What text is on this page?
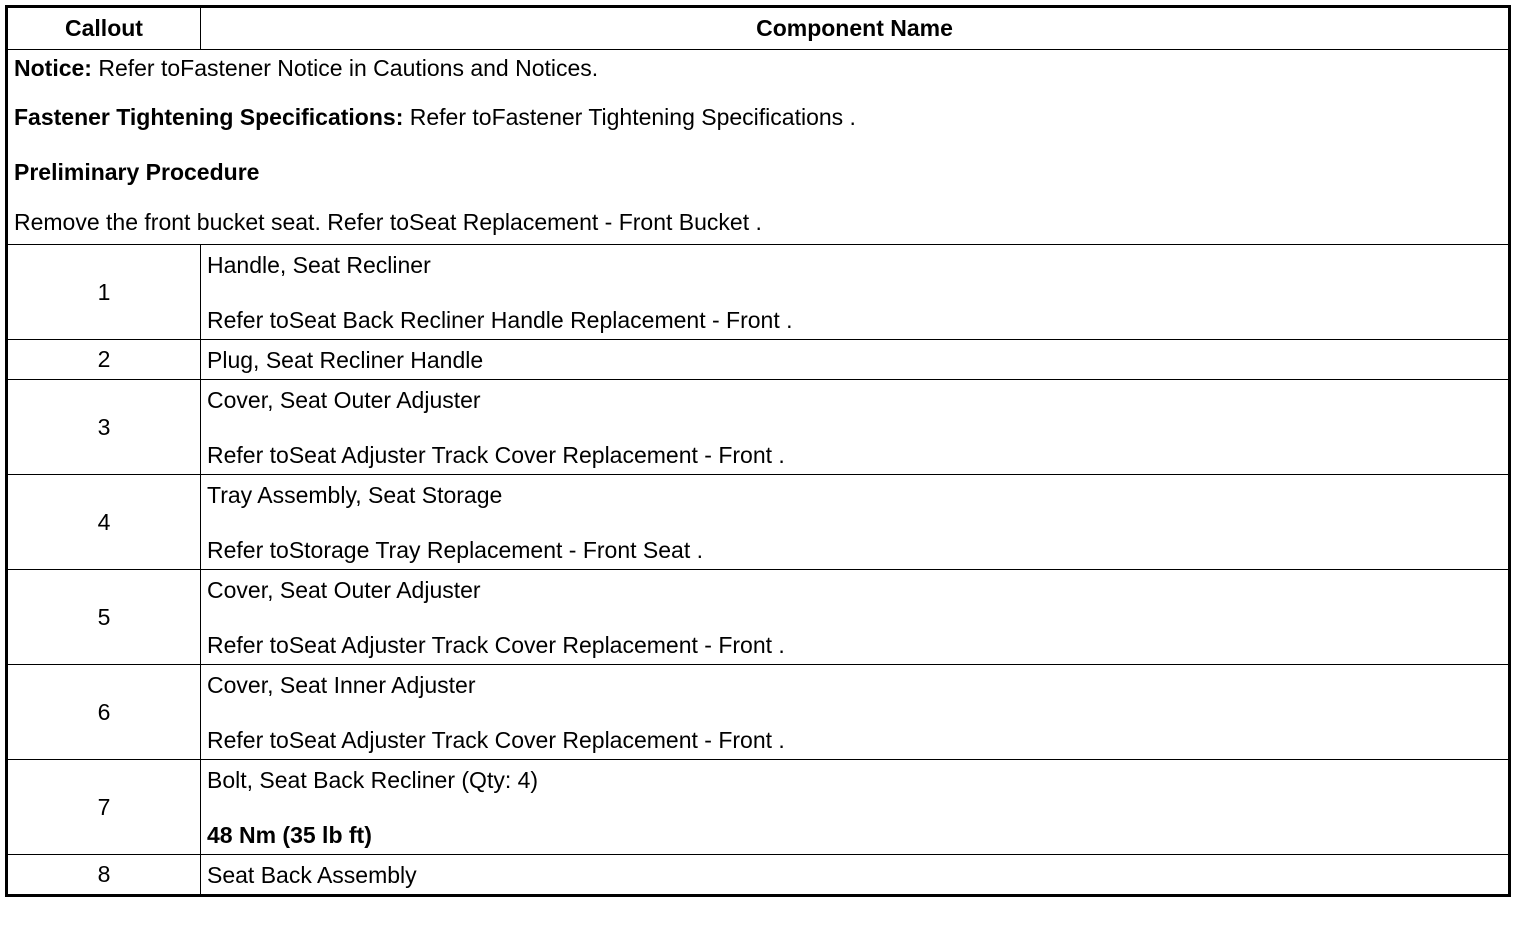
Callout	Component Name

Notice: Refer toFastener Notice in Cautions and Notices.
Fastener Tightening Specifications: Refer toFastener Tightening Specifications .
Preliminary Procedure
Remove the front bucket seat. Refer toSeat Replacement - Front Bucket .	

1	Handle, Seat Recliner
Refer toSeat Back Recliner Handle Replacement - Front .

2	Plug, Seat Recliner Handle

3	Cover, Seat Outer Adjuster
Refer toSeat Adjuster Track Cover Replacement - Front .

4	Tray Assembly, Seat Storage
Refer toStorage Tray Replacement - Front Seat .

5	Cover, Seat Outer Adjuster
Refer toSeat Adjuster Track Cover Replacement - Front .

6	Cover, Seat Inner Adjuster
Refer toSeat Adjuster Track Cover Replacement - Front .

7	Bolt, Seat Back Recliner (Qty: 4)
48 Nm (35 lb ft)

8	Seat Back Assembly
